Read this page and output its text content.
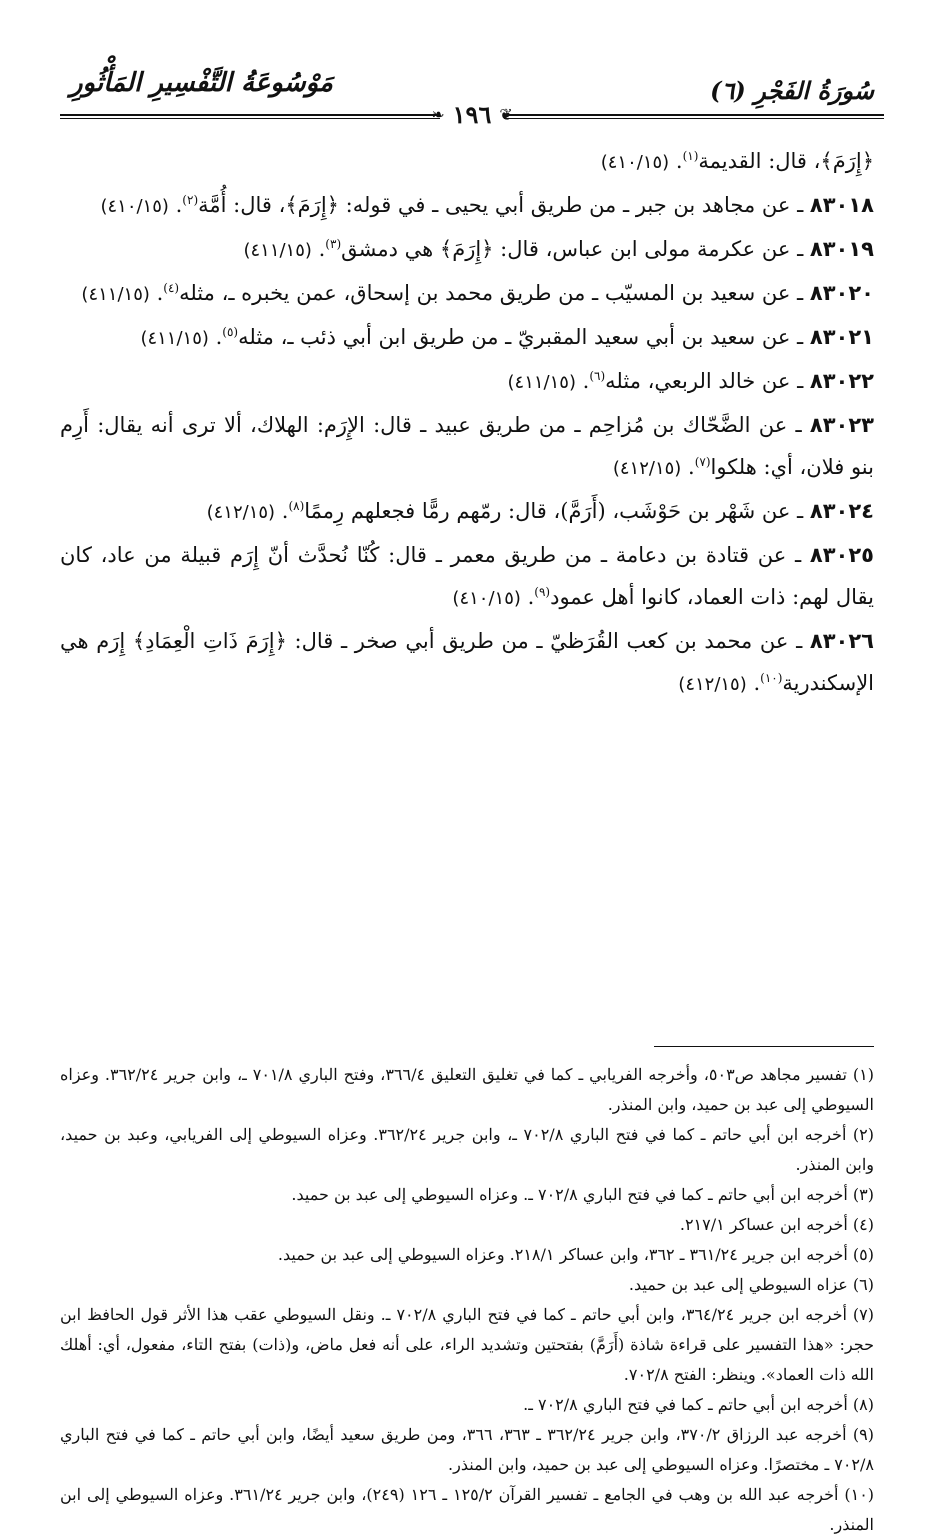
سُورَةُ الفَجْرِ (٦)
مَوْسُوعَةُ التَّفْسِيرِ المَأْثُورِ
❦
١٩٦
❧

﴿إِرَمَ﴾، قال: القديمة$^{(١)}$. (٤١٠/١٥)

٨٣٠١٨ ـ عن مجاهد بن جبر ـ من طريق أبي يحيى ـ في قوله: ﴿إِرَمَ﴾، قال: أُمَّة$^{(٢)}$. (٤١٠/١٥)

٨٣٠١٩ ـ عن عكرمة مولى ابن عباس، قال: ﴿إِرَمَ﴾ هي دمشق$^{(٣)}$. (٤١١/١٥)

٨٣٠٢٠ ـ عن سعيد بن المسيّب ـ من طريق محمد بن إسحاق، عمن يخبره ـ، مثله$^{(٤)}$. (٤١١/١٥)

٨٣٠٢١ ـ عن سعيد بن أبي سعيد المقبريّ ـ من طريق ابن أبي ذئب ـ، مثله$^{(٥)}$. (٤١١/١٥)

٨٣٠٢٢ ـ عن خالد الربعي، مثله$^{(٦)}$. (٤١١/١٥)

٨٣٠٢٣ ـ عن الضَّحّاك بن مُزاحِم ـ من طريق عبيد ـ قال: الإِرَم: الهلاك، ألا ترى أنه يقال: أَرِم بنو فلان، أي: هلكوا$^{(٧)}$. (٤١٢/١٥)

٨٣٠٢٤ ـ عن شَهْر بن حَوْشَب، (أَرَمَّ)، قال: رمّهم رمًّا فجعلهم رِممًا$^{(٨)}$. (٤١٢/١٥)

٨٣٠٢٥ ـ عن قتادة بن دعامة ـ من طريق معمر ـ قال: كُنّا نُحدَّث أنّ إِرَم قبيلة من عاد، كان يقال لهم: ذات العماد، كانوا أهل عمود$^{(٩)}$. (٤١٠/١٥)

٨٣٠٢٦ ـ عن محمد بن كعب القُرَظيّ ـ من طريق أبي صخر ـ قال: ﴿إِرَمَ ذَاتِ الْعِمَادِ﴾ إِرَم هي الإسكندرية$^{(١٠)}$. (٤١٢/١٥)

(١) تفسير مجاهد ص٥٠٣، وأخرجه الفريابي ـ كما في تغليق التعليق ٣٦٦/٤، وفتح الباري ٧٠١/٨ ـ، وابن جرير ٣٦٢/٢٤. وعزاه السيوطي إلى عبد بن حميد، وابن المنذر.

(٢) أخرجه ابن أبي حاتم ـ كما في فتح الباري ٧٠٢/٨ ـ، وابن جرير ٣٦٢/٢٤. وعزاه السيوطي إلى الفريابي، وعبد بن حميد، وابن المنذر.

(٣) أخرجه ابن أبي حاتم ـ كما في فتح الباري ٧٠٢/٨ ـ. وعزاه السيوطي إلى عبد بن حميد.

(٤) أخرجه ابن عساكر ٢١٧/١.

(٥) أخرجه ابن جرير ٣٦١/٢٤ ـ ٣٦٢، وابن عساكر ٢١٨/١. وعزاه السيوطي إلى عبد بن حميد.

(٦) عزاه السيوطي إلى عبد بن حميد.

(٧) أخرجه ابن جرير ٣٦٤/٢٤، وابن أبي حاتم ـ كما في فتح الباري ٧٠٢/٨ ـ. ونقل السيوطي عقب هذا الأثر قول الحافظ ابن حجر: «هذا التفسير على قراءة شاذة (أَرَمَّ) بفتحتين وتشديد الراء، على أنه فعل ماض، و(ذات) بفتح التاء، مفعول، أي: أهلك الله ذات العماد». وينظر: الفتح ٧٠٢/٨.

(٨) أخرجه ابن أبي حاتم ـ كما في فتح الباري ٧٠٢/٨ ـ.

(٩) أخرجه عبد الرزاق ٣٧٠/٢، وابن جرير ٣٦٢/٢٤ ـ ٣٦٣، ٣٦٦، ومن طريق سعيد أيضًا، وابن أبي حاتم ـ كما في فتح الباري ٧٠٢/٨ ـ مختصرًا. وعزاه السيوطي إلى عبد بن حميد، وابن المنذر.

(١٠) أخرجه عبد الله بن وهب في الجامع ـ تفسير القرآن ١٢٥/٢ ـ ١٢٦ (٢٤٩)، وابن جرير ٣٦١/٢٤. وعزاه السيوطي إلى ابن المنذر.
